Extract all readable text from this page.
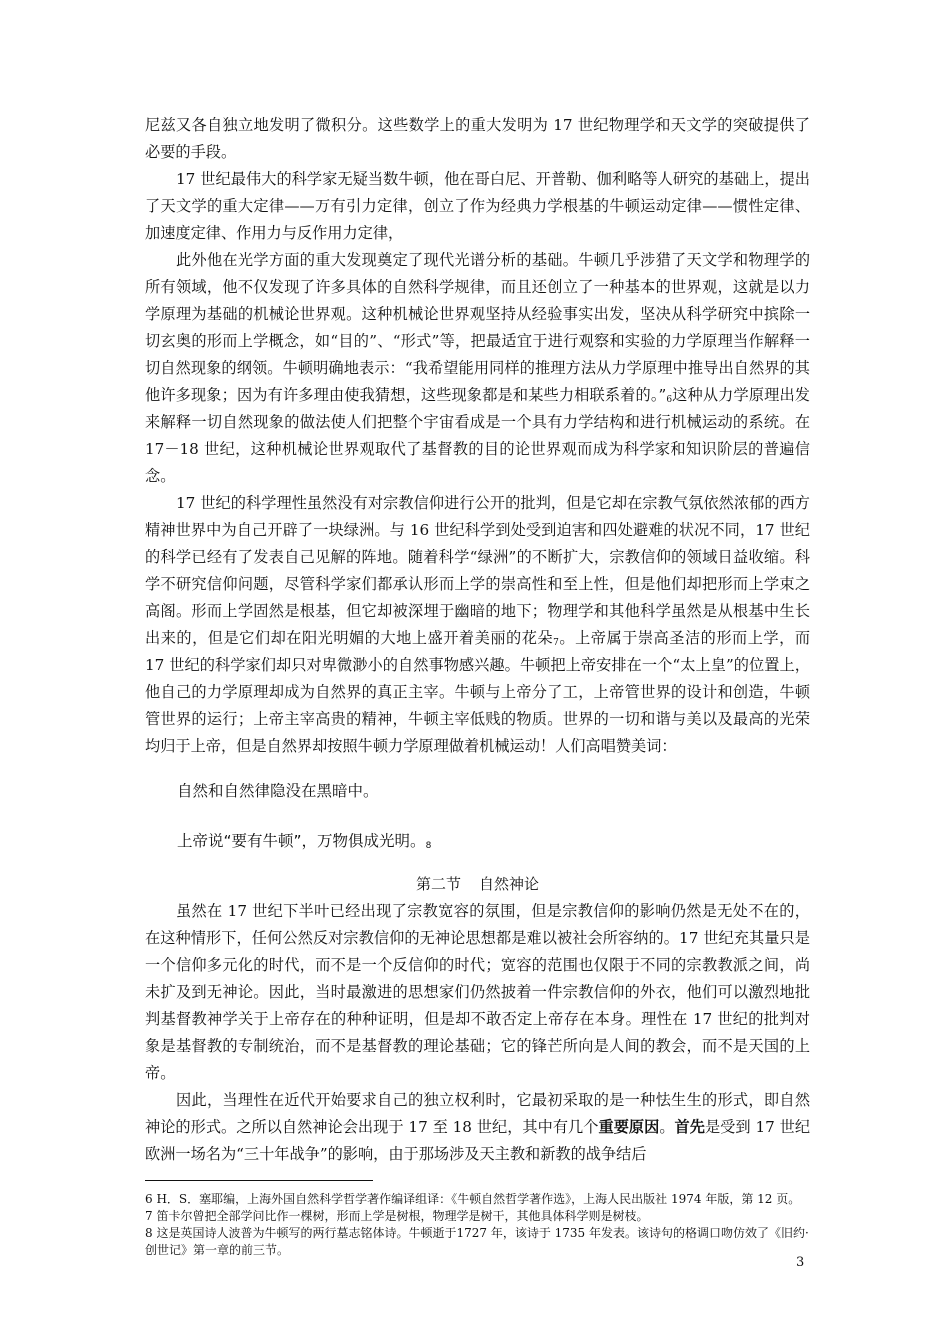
尼兹又各自独立地发明了微积分。这些数学上的重大发明为 17 世纪物理学和天文学的突破提供了必要的手段。

17 世纪最伟大的科学家无疑当数牛顿，他在哥白尼、开普勒、伽利略等人研究的基础上，提出了天文学的重大定律——万有引力定律，创立了作为经典力学根基的牛顿运动定律——惯性定律、加速度定律、作用力与反作用力定律，

此外他在光学方面的重大发现奠定了现代光谱分析的基础。牛顿几乎涉猎了天文学和物理学的所有领域，他不仅发现了许多具体的自然科学规律，而且还创立了一种基本的世界观，这就是以力学原理为基础的机械论世界观。这种机械论世界观坚持从经验事实出发，坚决从科学研究中摈除一切玄奥的形而上学概念，如“目的”、“形式”等，把最适宜于进行观察和实验的力学原理当作解释一切自然现象的纲领。牛顿明确地表示：“我希望能用同样的推理方法从力学原理中推导出自然界的其他许多现象；因为有许多理由使我猜想，这些现象都是和某些力相联系着的。”$^6$这种从力学原理出发来解释一切自然现象的做法使人们把整个宇宙看成是一个具有力学结构和进行机械运动的系统。在 17－18 世纪，这种机械论世界观取代了基督教的目的论世界观而成为科学家和知识阶层的普遍信念。

17 世纪的科学理性虽然没有对宗教信仰进行公开的批判，但是它却在宗教气氛依然浓郁的西方精神世界中为自己开辟了一块绿洲。与 16 世纪科学到处受到迫害和四处避难的状况不同，17 世纪的科学已经有了发表自己见解的阵地。随着科学“绿洲”的不断扩大，宗教信仰的领域日益收缩。科学不研究信仰问题，尽管科学家们都承认形而上学的崇高性和至上性，但是他们却把形而上学束之高阁。形而上学固然是根基，但它却被深埋于幽暗的地下；物理学和其他科学虽然是从根基中生长出来的，但是它们却在阳光明媚的大地上盛开着美丽的花朵$^7$。上帝属于崇高圣洁的形而上学，而 17 世纪的科学家们却只对卑微渺小的自然事物感兴趣。牛顿把上帝安排在一个“太上皇”的位置上，他自己的力学原理却成为自然界的真正主宰。牛顿与上帝分了工，上帝管世界的设计和创造，牛顿管世界的运行；上帝主宰高贵的精神，牛顿主宰低贱的物质。世界的一切和谐与美以及最高的光荣均归于上帝，但是自然界却按照牛顿力学原理做着机械运动！人们高唱赞美词：

自然和自然律隐没在黑暗中。

上帝说“要有牛顿”，万物俱成光明。$^8$

第二节 自然神论

虽然在 17 世纪下半叶已经出现了宗教宽容的氛围，但是宗教信仰的影响仍然是无处不在的，在这种情形下，任何公然反对宗教信仰的无神论思想都是难以被社会所容纳的。17 世纪充其量只是一个信仰多元化的时代，而不是一个反信仰的时代；宽容的范围也仅限于不同的宗教教派之间，尚未扩及到无神论。因此，当时最激进的思想家们仍然披着一件宗教信仰的外衣，他们可以激烈地批判基督教神学关于上帝存在的种种证明，但是却不敢否定上帝存在本身。理性在 17 世纪的批判对象是基督教的专制统治，而不是基督教的理论基础；它的锋芒所向是人间的教会，而不是天国的上帝。

因此，当理性在近代开始要求自己的独立权利时，它最初采取的是一种怯生生的形式，即自然神论的形式。之所以自然神论会出现于 17 至 18 世纪，其中有几个重要原因。首先是受到 17 世纪欧洲一场名为“三十年战争”的影响，由于那场涉及天主教和新教的战争结后

6 H．S．塞耶编，上海外国自然科学哲学著作编译组译：《牛顿自然哲学著作选》，上海人民出版社 1974 年版，第 12 页。

7 笛卡尔曾把全部学问比作一棵树，形而上学是树根，物理学是树干，其他具体科学则是树枝。

8 这是英国诗人波普为牛顿写的两行墓志铭体诗。牛顿逝于1727 年，该诗于 1735 年发表。该诗句的格调口吻仿效了《旧约·创世记》第一章的前三节。

3
